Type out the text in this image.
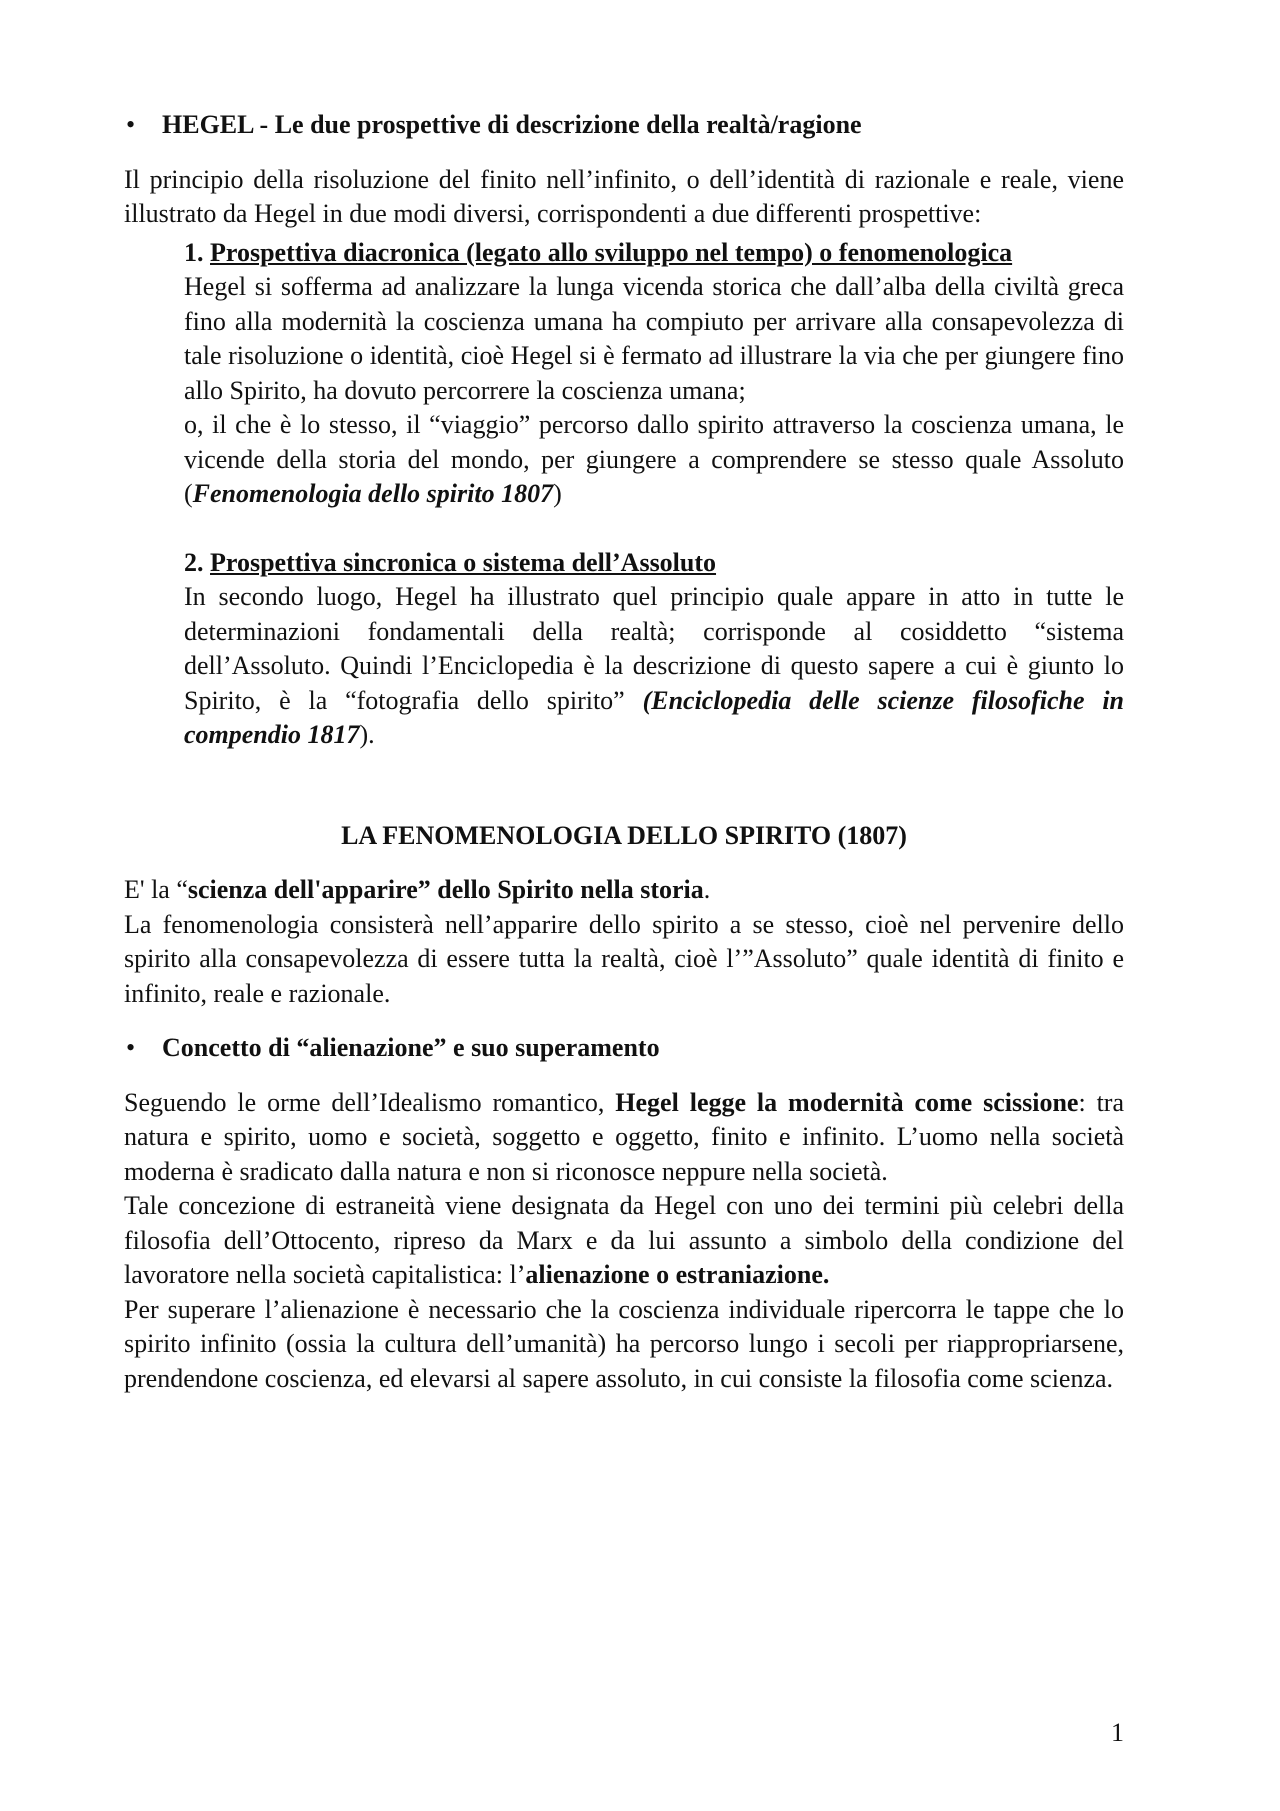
•	HEGEL - Le due prospettive di descrizione della realtà/ragione

Il principio della risoluzione del finito nell’infinito, o dell’identità di razionale e reale, viene illustrato da Hegel in due modi diversi, corrispondenti a due differenti prospettive:

1. Prospettiva diacronica (legato allo sviluppo nel tempo) o fenomenologica

Hegel si sofferma ad analizzare la lunga vicenda storica che dall’alba della civiltà greca fino alla modernità la coscienza umana ha compiuto per arrivare alla consapevolezza di tale risoluzione o identità, cioè Hegel si è fermato ad illustrare la via che per giungere fino allo Spirito, ha dovuto percorrere la coscienza umana;

o, il che è lo stesso, il “viaggio” percorso dallo spirito attraverso la coscienza umana, le vicende della storia del mondo, per giungere a comprendere se stesso quale Assoluto (Fenomenologia dello spirito 1807)

2. Prospettiva sincronica o sistema dell’Assoluto

In secondo luogo, Hegel ha illustrato quel principio quale appare in atto in tutte le determinazioni fondamentali della realtà; corrisponde al cosiddetto “sistema dell’Assoluto. Quindi l’Enciclopedia è la descrizione di questo sapere a cui è giunto lo Spirito, è la “fotografia dello spirito” (Enciclopedia delle scienze filosofiche in compendio 1817).

LA FENOMENOLOGIA DELLO SPIRITO (1807)

E' la “scienza dell'apparire” dello Spirito nella storia.

La fenomenologia consisterà nell’apparire dello spirito a se stesso, cioè nel pervenire dello spirito alla consapevolezza di essere tutta la realtà, cioè l’”Assoluto” quale identità di finito e infinito, reale e razionale.

•	Concetto di “alienazione” e suo superamento

Seguendo le orme dell’Idealismo romantico, Hegel legge la modernità come scissione: tra natura e spirito, uomo e società, soggetto e oggetto, finito e infinito. L’uomo nella società moderna è sradicato dalla natura e non si riconosce neppure nella società.

Tale concezione di estraneità viene designata da Hegel con uno dei termini più celebri della filosofia dell’Ottocento, ripreso da Marx e da lui assunto a simbolo della condizione del lavoratore nella società capitalistica: l’alienazione o estraniazione.

Per superare l’alienazione è necessario che la coscienza individuale ripercorra le tappe che lo spirito infinito (ossia la cultura dell’umanità) ha percorso lungo i secoli per riappropriarsene, prendendone coscienza, ed elevarsi al sapere assoluto, in cui consiste la filosofia come scienza.

1
